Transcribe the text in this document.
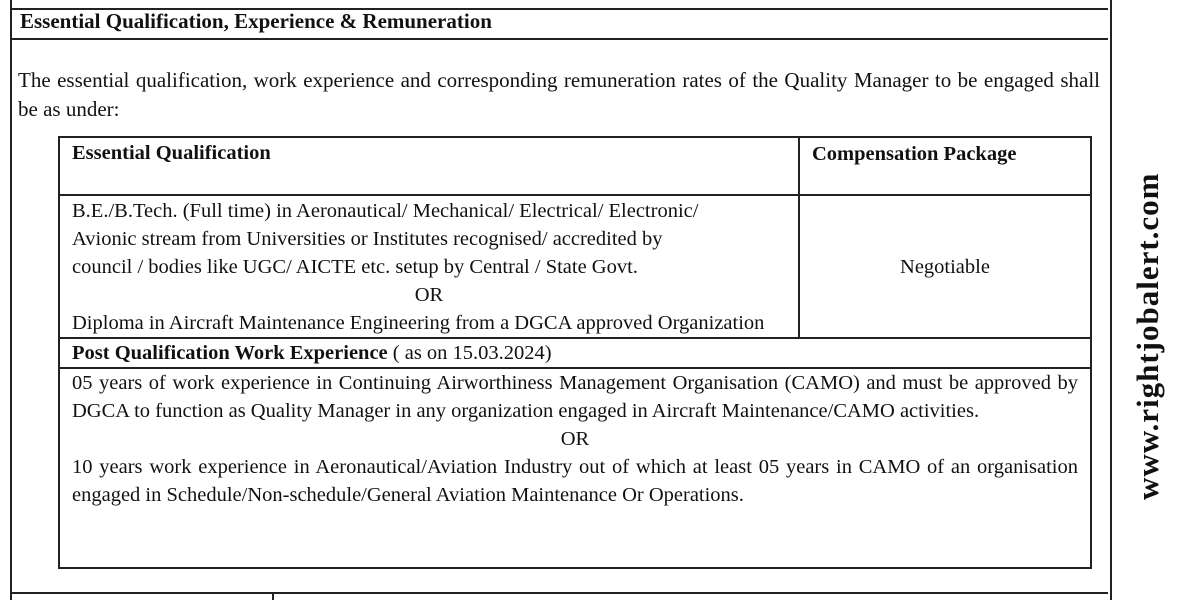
Essential Qualification, Experience & Remuneration
The essential qualification, work experience and corresponding remuneration rates of the Quality Manager to be engaged shall be as under:
Essential Qualification	Compensation Package

B.E./B.Tech. (Full time) in Aeronautical/ Mechanical/ Electrical/ Electronic/
Avionic stream from Universities or Institutes recognised/ accredited by
council / bodies like UGC/ AICTE etc. setup by Central / State Govt.
OR
Diploma in Aircraft Maintenance Engineering from a DGCA approved Organization	Negotiable
Post Qualification Work Experience ( as on 15.03.2024)	

05 years of work experience in Continuing Airworthiness Management Organisation (CAMO) and must be approved by DGCA to function as Quality Manager in any organization engaged in Aircraft Maintenance/CAMO activities.
OR
10 years work experience in Aeronautical/Aviation Industry out of which at least 05 years in CAMO of an organisation engaged in Schedule/Non-schedule/General Aviation Maintenance Or Operations.		www.rightjobalert.com
